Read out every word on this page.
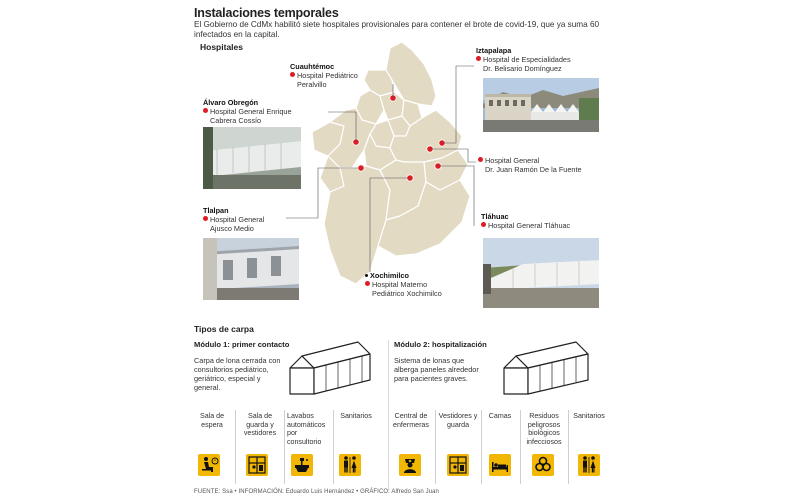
Instalaciones temporales
El Gobierno de CdMx habilitó siete hospitales provisionales para contener el brote de covid-19, que ya suma 60 infectados en la capital.
Hospitales
Cuauhtémoc
Hospital Pediátrico
Peralvillo
Iztapalapa
Hospital de Especialidades
Dr. Belisario Domínguez
Álvaro Obregón
Hospital General Enrique
Cabrera Cossío
Hospital General
Dr. Juan Ramón De la Fuente
Tlalpan
Hospital General
Ajusco Medio
Tláhuac
Hospital General Tláhuac
Xochimilco
Hospital Materno
Pediátrico Xochimilco
Tipos de carpa
Módulo 1: primer contacto
Carpa de lona cerrada con consultorios pediátrico, geriátrico, especial y general.
Módulo 2: hospitalización
Sistema de lonas que alberga paneles alrededor para pacientes graves.
Sala de espera
Sala de guarda y vestidores
Lavabos automáticos por consultorio
Sanitarios	Central de enfermeras
Vestidores y guarda
Camas	Residuos peligrosos biológicos infecciosos
Sanitarios
FUENTE: Ssa • INFORMACIÓN: Eduardo Luis Hernández • GRÁFICO: Alfredo San Juan
